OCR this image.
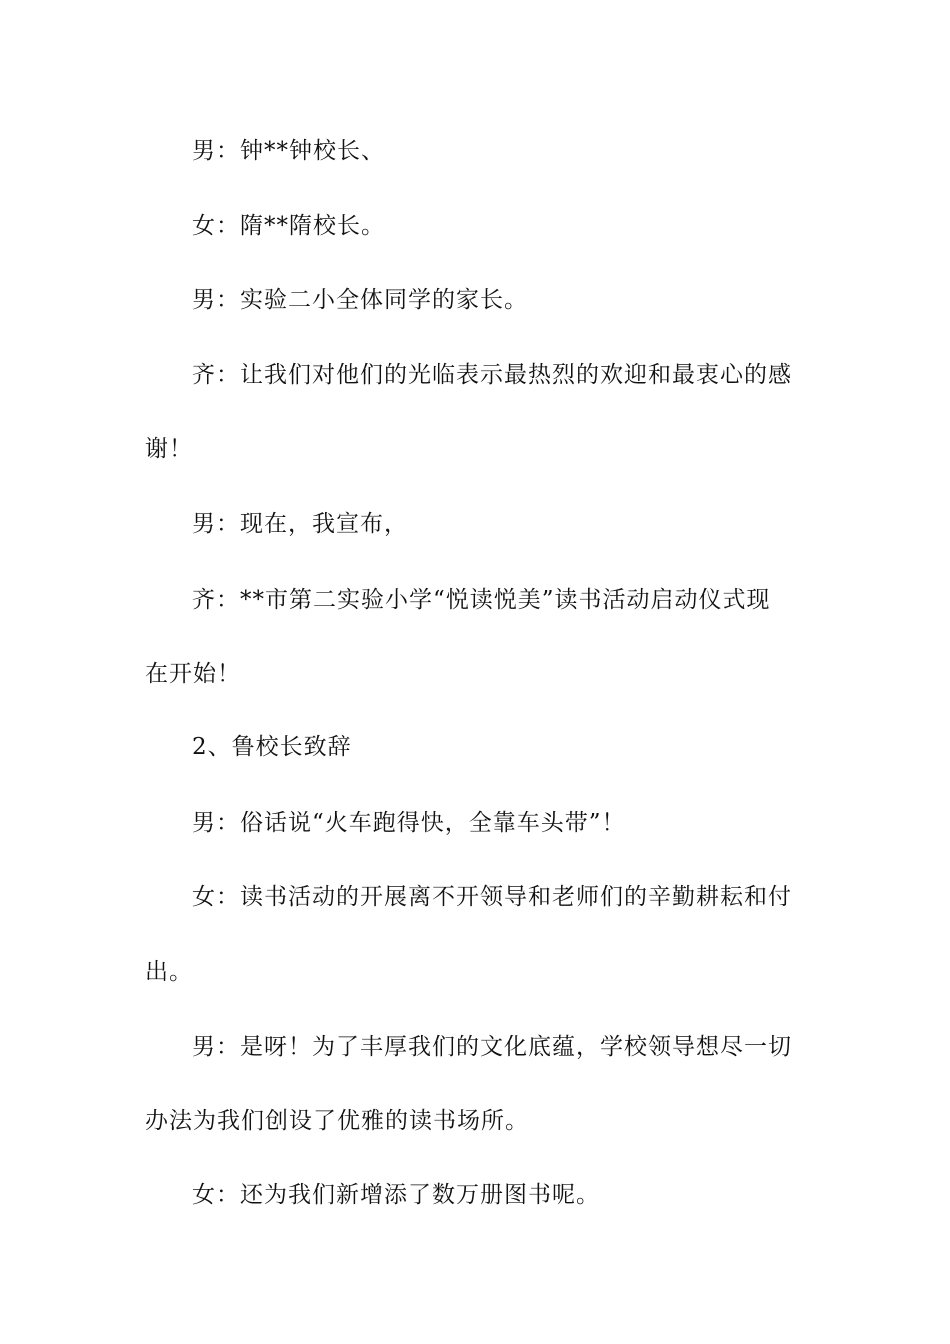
男：钟**钟校长、

女：隋**隋校长。

男：实验二小全体同学的家长。

齐：让我们对他们的光临表示最热烈的欢迎和最衷心的感

谢！

男：现在，我宣布，

齐：**市第二实验小学“悦读悦美”读书活动启动仪式现

在开始！

2、鲁校长致辞

男：俗话说“火车跑得快，全靠车头带”！

女：读书活动的开展离不开领导和老师们的辛勤耕耘和付

出。

男：是呀！为了丰厚我们的文化底蕴，学校领导想尽一切

办法为我们创设了优雅的读书场所。

女：还为我们新增添了数万册图书呢。
